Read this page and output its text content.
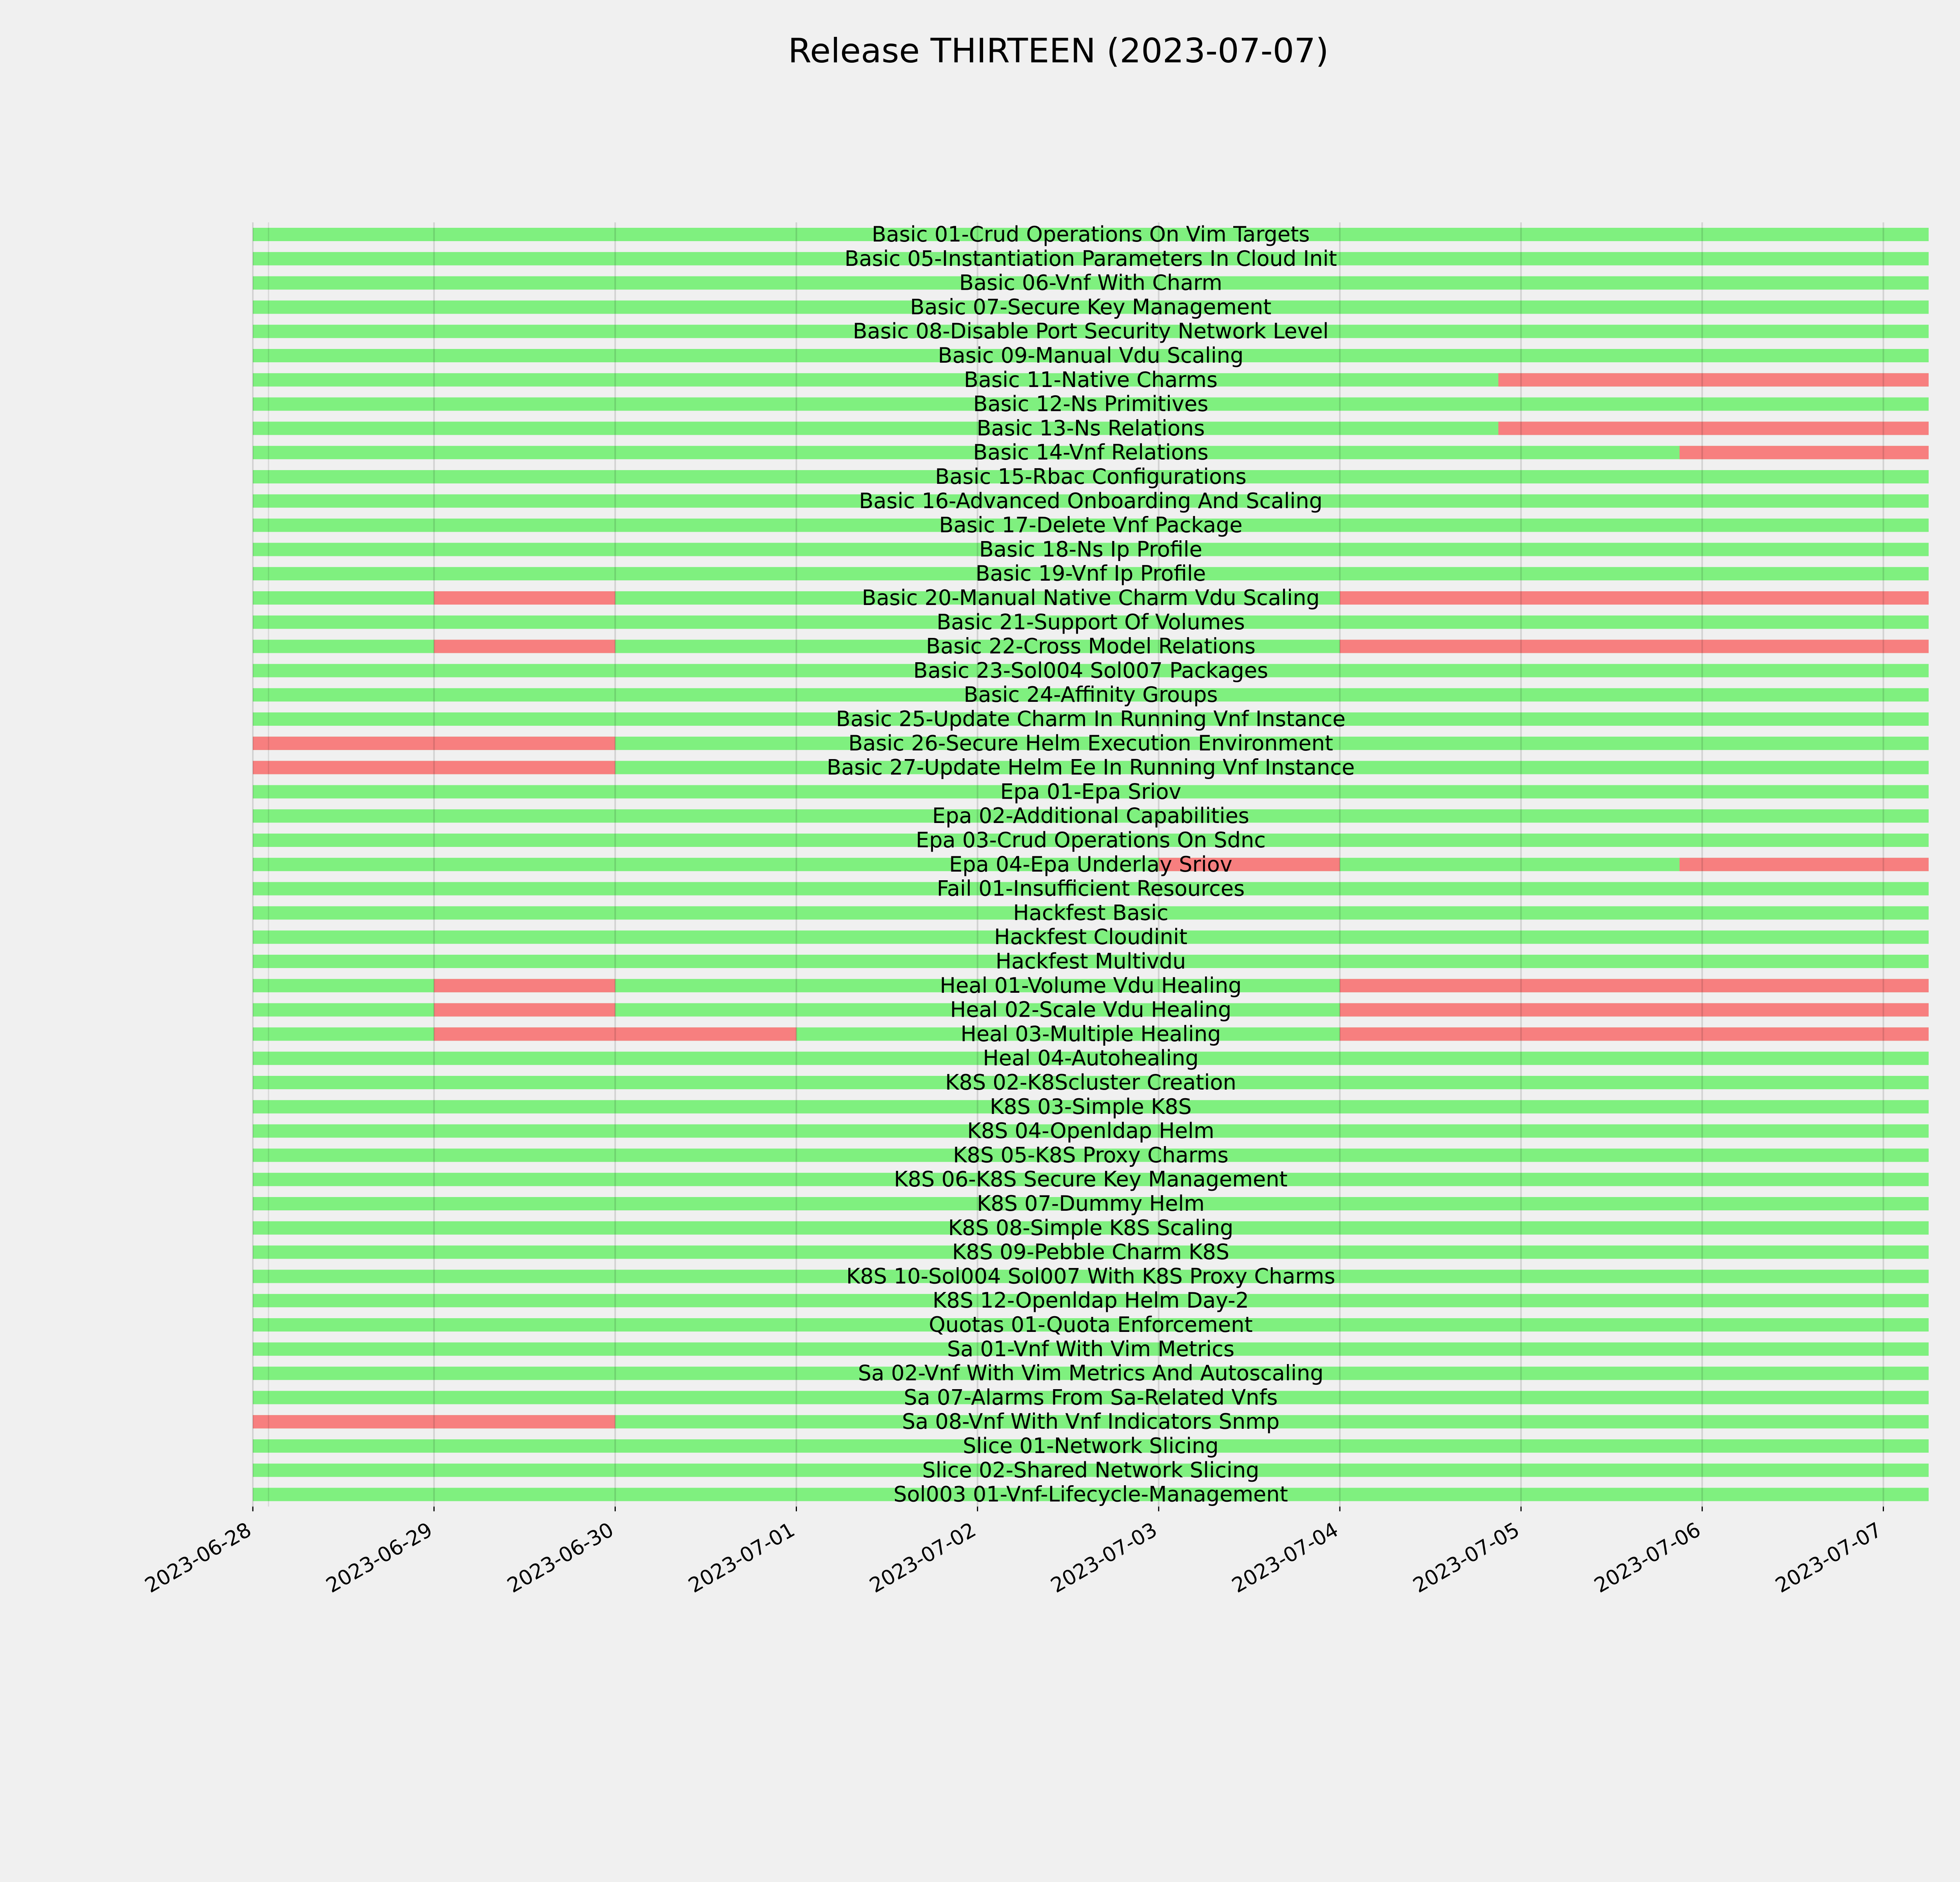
Release THIRTEEN (2023-07-07)
Basic 01-Crud Operations On Vim Targets
Basic 05-Instantiation Parameters In Cloud Init
Basic 06-Vnf With Charm
Basic 07-Secure Key Management
Basic 08-Disable Port Security Network Level
Basic 09-Manual Vdu Scaling
Basic 11-Native Charms
Basic 12-Ns Primitives
Basic 13-Ns Relations
Basic 14-Vnf Relations
Basic 15-Rbac Configurations
Basic 16-Advanced Onboarding And Scaling
Basic 17-Delete Vnf Package
Basic 18-Ns Ip Profile
Basic 19-Vnf Ip Profile
Basic 20-Manual Native Charm Vdu Scaling
Basic 21-Support Of Volumes
Basic 22-Cross Model Relations
Basic 23-Sol004 Sol007 Packages
Basic 24-Affinity Groups
Basic 25-Update Charm In Running Vnf Instance
Basic 26-Secure Helm Execution Environment
Basic 27-Update Helm Ee In Running Vnf Instance
Epa 01-Epa Sriov
Epa 02-Additional Capabilities
Epa 03-Crud Operations On Sdnc
Epa 04-Epa Underlay Sriov
Fail 01-Insufficient Resources
Hackfest Basic
Hackfest Cloudinit
Hackfest Multivdu
Heal 01-Volume Vdu Healing
Heal 02-Scale Vdu Healing
Heal 03-Multiple Healing
Heal 04-Autohealing
K8S 02-K8Scluster Creation
K8S 03-Simple K8S
K8S 04-Openldap Helm
K8S 05-K8S Proxy Charms
K8S 06-K8S Secure Key Management
K8S 07-Dummy Helm
K8S 08-Simple K8S Scaling
K8S 09-Pebble Charm K8S
K8S 10-Sol004 Sol007 With K8S Proxy Charms
K8S 12-Openldap Helm Day-2
Quotas 01-Quota Enforcement
Sa 01-Vnf With Vim Metrics
Sa 02-Vnf With Vim Metrics And Autoscaling
Sa 07-Alarms From Sa-Related Vnfs
Sa 08-Vnf With Vnf Indicators Snmp
Slice 01-Network Slicing
Slice 02-Shared Network Slicing
Sol003 01-Vnf-Lifecycle-Management
2023-06-28	2023-06-29	2023-06-30	2023-07-01	2023-07-02	2023-07-03	2023-07-04	2023-07-05	2023-07-06	2023-07-07
